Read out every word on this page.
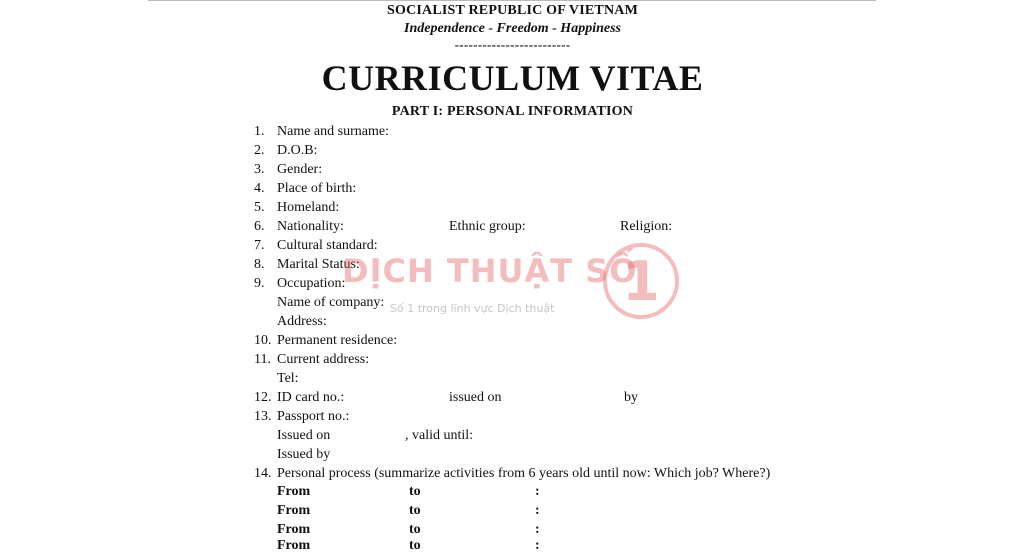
SOCIALIST REPUBLIC OF VIETNAM
Independence - Freedom - Happiness
-------------------------
CURRICULUM VITAE
PART I: PERSONAL INFORMATION
1. Name and surname:
2. D.O.B:
3. Gender:
4. Place of birth:
5. Homeland:
6. Nationality:	Ethnic group:	Religion:
7. Cultural standard:
8. Marital Status:
9. Occupation:
Name of company:
Address:
10. Permanent residence:
11. Current address:
Tel:
12. ID card no.:	issued on	by
13. Passport no.:
Issued on	, valid until:
Issued by
14. Personal process (summarize activities from 6 years old until now: Which job? Where?)
From	to	:
From	to	:
From	to	:
From	to	:
DỊCH THUẬT SỐ
Số 1 trong lĩnh vực Dịch thuật 1
